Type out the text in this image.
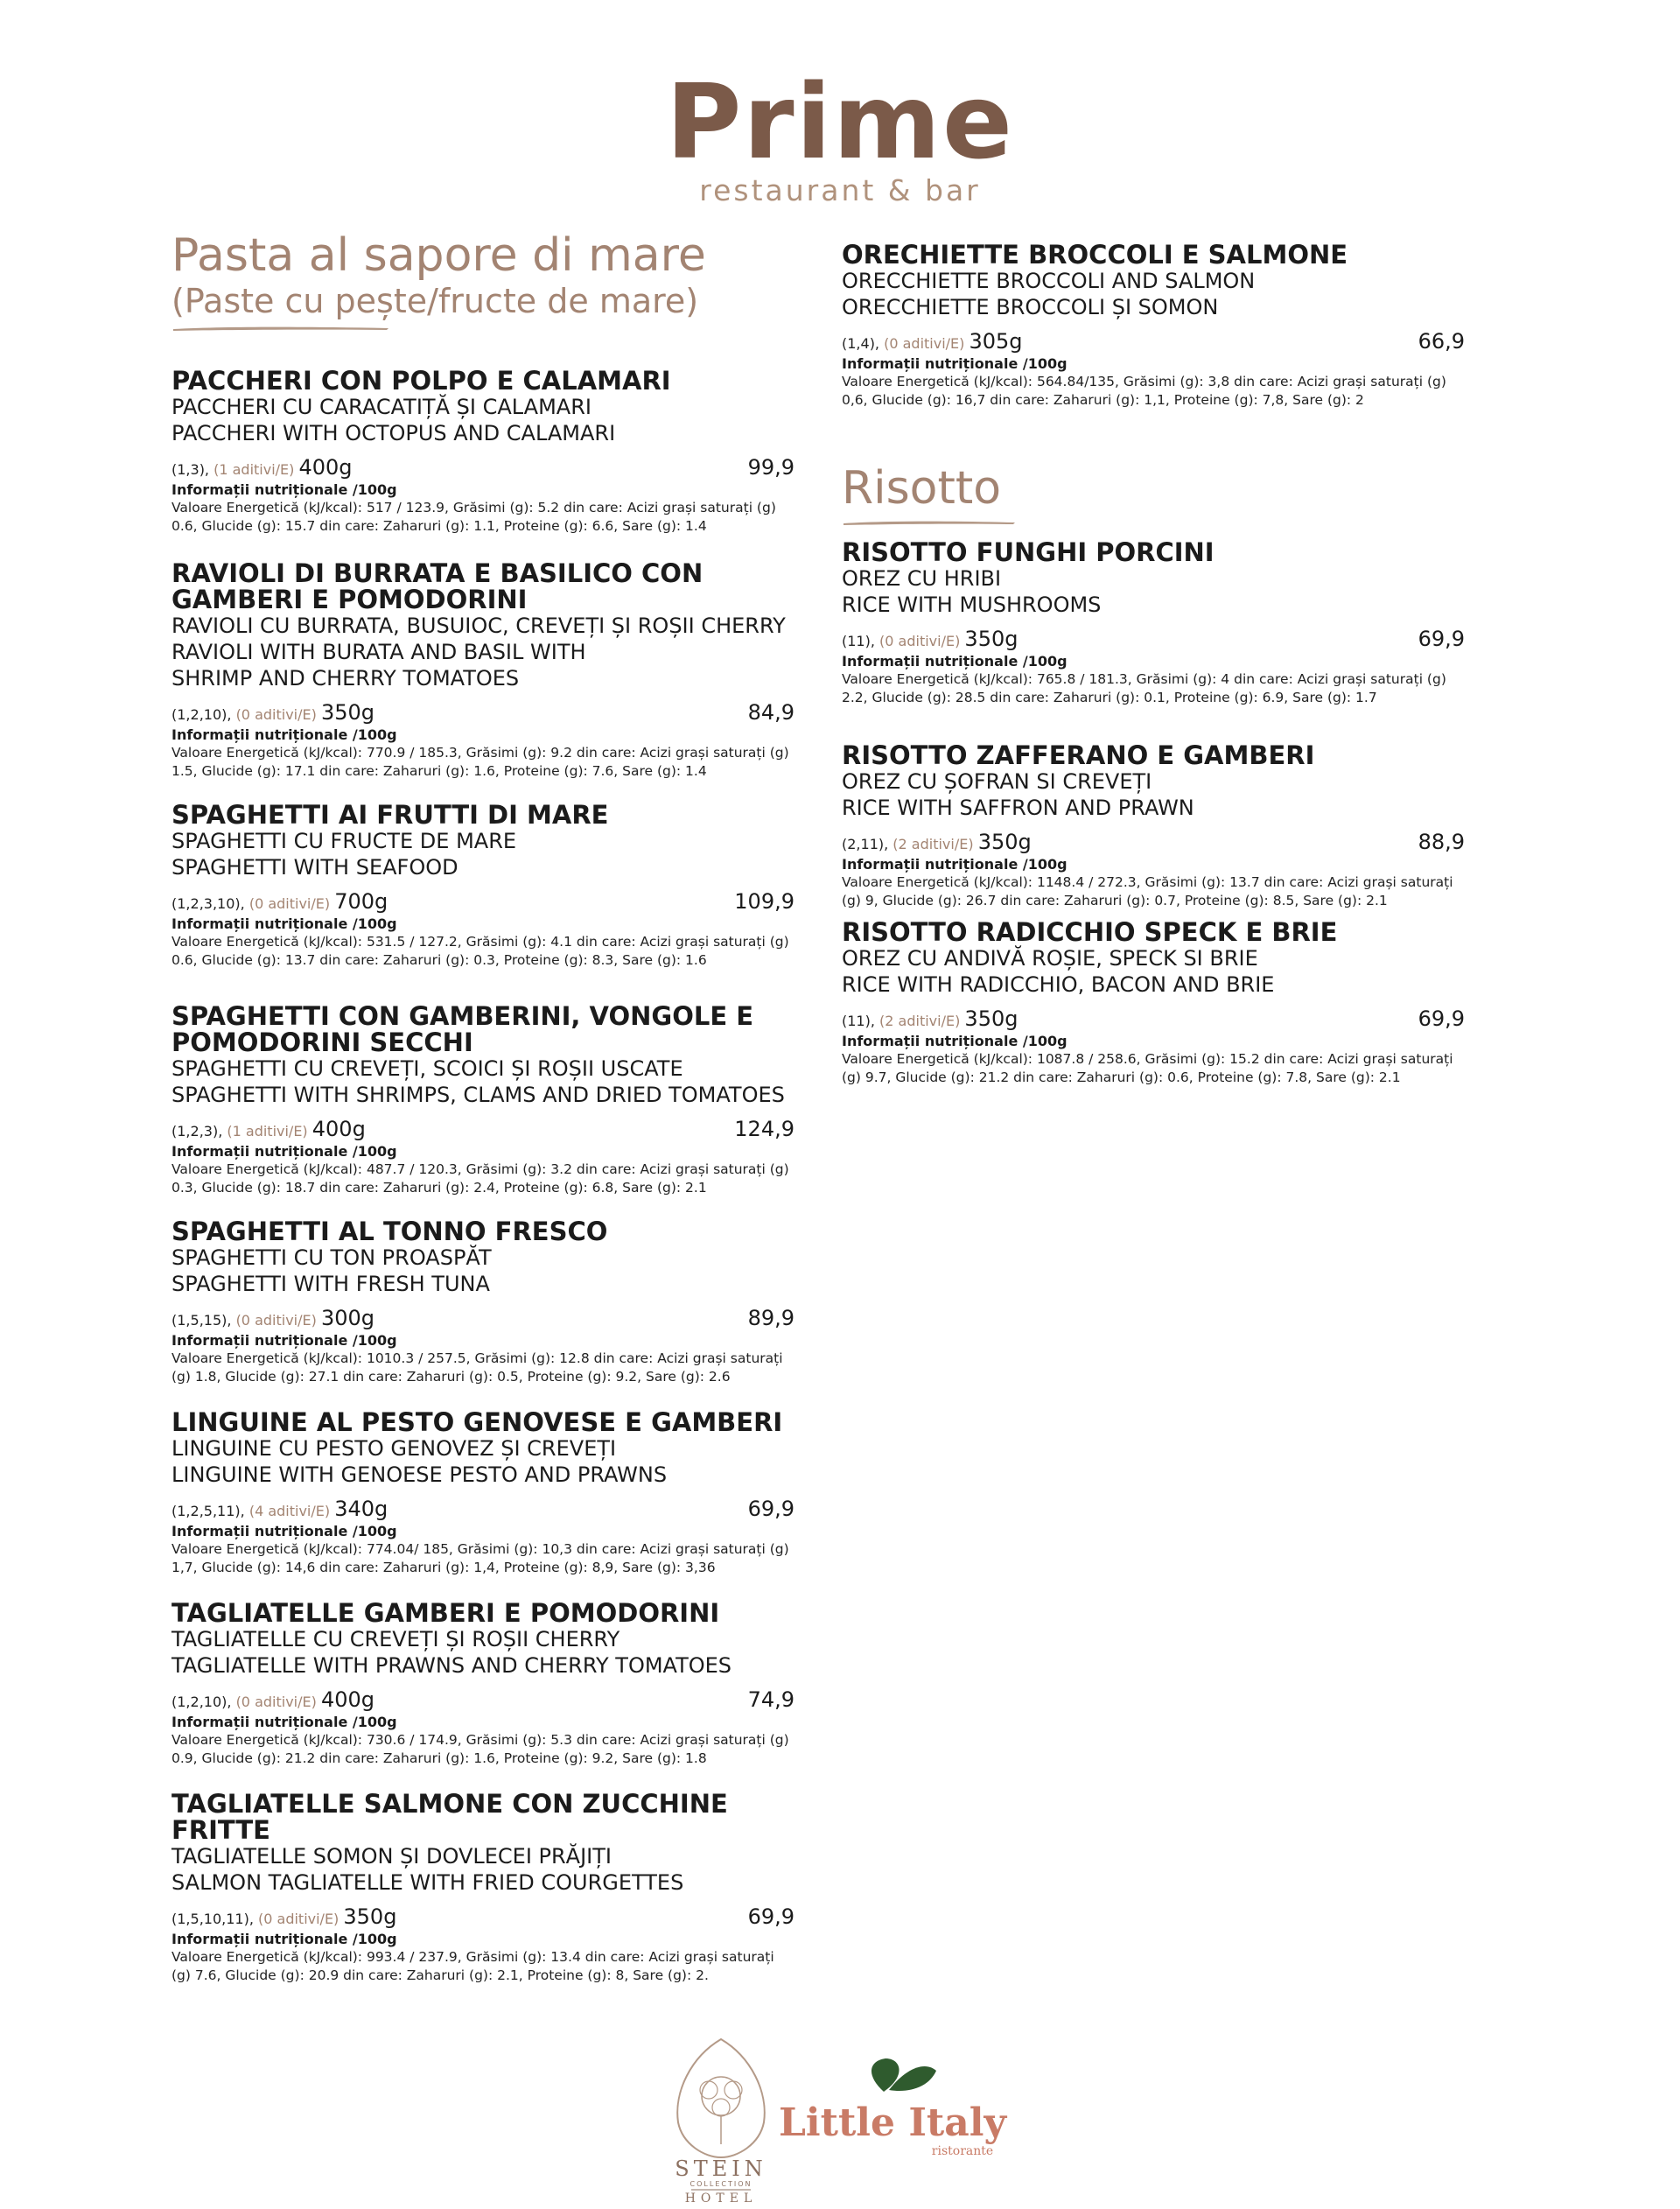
Prime
restaurant & bar
Pasta al sapore di mare
(Paste cu pește/fructe de mare)
PACCHERI CON POLPO E CALAMARI
PACCHERI CU CARACATIȚĂ ȘI CALAMARI
PACCHERI WITH OCTOPUS AND CALAMARI
(1,3), (1 aditivi/E) 400g	99,9
Informații nutriționale /100g
Valoare Energetică (kJ/kcal): 517 / 123.9, Grăsimi (g): 5.2 din care: Acizi grași saturați (g) 0.6, Glucide (g): 15.7 din care: Zaharuri (g): 1.1, Proteine (g): 6.6, Sare (g): 1.4
RAVIOLI DI BURRATA E BASILICO CON GAMBERI E POMODORINI
RAVIOLI CU BURRATA, BUSUIOC, CREVEȚI ȘI ROȘII CHERRY
RAVIOLI WITH BURATA AND BASIL WITH
SHRIMP AND CHERRY TOMATOES
(1,2,10), (0 aditivi/E) 350g	84,9
Informații nutriționale /100g
Valoare Energetică (kJ/kcal): 770.9 / 185.3, Grăsimi (g): 9.2 din care: Acizi grași saturați (g) 1.5, Glucide (g): 17.1 din care: Zaharuri (g): 1.6, Proteine (g): 7.6, Sare (g): 1.4
SPAGHETTI AI FRUTTI DI MARE
SPAGHETTI CU FRUCTE DE MARE
SPAGHETTI WITH SEAFOOD
(1,2,3,10), (0 aditivi/E) 700g	109,9
Informații nutriționale /100g
Valoare Energetică (kJ/kcal): 531.5 / 127.2, Grăsimi (g): 4.1 din care: Acizi grași saturați (g) 0.6, Glucide (g): 13.7 din care: Zaharuri (g): 0.3, Proteine (g): 8.3, Sare (g): 1.6
SPAGHETTI CON GAMBERINI, VONGOLE E POMODORINI SECCHI
SPAGHETTI CU CREVEȚI, SCOICI ȘI ROȘII USCATE
SPAGHETTI WITH SHRIMPS, CLAMS AND DRIED TOMATOES
(1,2,3), (1 aditivi/E) 400g	124,9
Informații nutriționale /100g
Valoare Energetică (kJ/kcal): 487.7 / 120.3, Grăsimi (g): 3.2 din care: Acizi grași saturați (g) 0.3, Glucide (g): 18.7 din care: Zaharuri (g): 2.4, Proteine (g): 6.8, Sare (g): 2.1
SPAGHETTI AL TONNO FRESCO
SPAGHETTI CU TON PROASPĂT
SPAGHETTI WITH FRESH TUNA
(1,5,15), (0 aditivi/E) 300g	89,9
Informații nutriționale /100g
Valoare Energetică (kJ/kcal): 1010.3 / 257.5, Grăsimi (g): 12.8 din care: Acizi grași saturați (g) 1.8, Glucide (g): 27.1 din care: Zaharuri (g): 0.5, Proteine (g): 9.2, Sare (g): 2.6
LINGUINE AL PESTO GENOVESE E GAMBERI
LINGUINE CU PESTO GENOVEZ ȘI CREVEȚI
LINGUINE WITH GENOESE PESTO AND PRAWNS
(1,2,5,11), (4 aditivi/E) 340g	69,9
Informații nutriționale /100g
Valoare Energetică (kJ/kcal): 774.04/ 185, Grăsimi (g): 10,3 din care: Acizi grași saturați (g) 1,7, Glucide (g): 14,6 din care: Zaharuri (g): 1,4, Proteine (g): 8,9, Sare (g): 3,36
TAGLIATELLE GAMBERI E POMODORINI
TAGLIATELLE CU CREVEȚI ȘI ROȘII CHERRY
TAGLIATELLE WITH PRAWNS AND CHERRY TOMATOES
(1,2,10), (0 aditivi/E) 400g	74,9
Informații nutriționale /100g
Valoare Energetică (kJ/kcal): 730.6 / 174.9, Grăsimi (g): 5.3 din care: Acizi grași saturați (g) 0.9, Glucide (g): 21.2 din care: Zaharuri (g): 1.6, Proteine (g): 9.2, Sare (g): 1.8
TAGLIATELLE SALMONE CON ZUCCHINE FRITTE
TAGLIATELLE SOMON ȘI DOVLECEI PRĂJIȚI
SALMON TAGLIATELLE WITH FRIED COURGETTES
(1,5,10,11), (0 aditivi/E) 350g	69,9
Informații nutriționale /100g
Valoare Energetică (kJ/kcal): 993.4 / 237.9, Grăsimi (g): 13.4 din care: Acizi grași saturați (g) 7.6, Glucide (g): 20.9 din care: Zaharuri (g): 2.1, Proteine (g): 8, Sare (g): 2.
ORECHIETTE BROCCOLI E SALMONE
ORECCHIETTE BROCCOLI AND SALMON
ORECCHIETTE BROCCOLI ȘI SOMON
(1,4), (0 aditivi/E) 305g	66,9
Informații nutriționale /100g
Valoare Energetică (kJ/kcal): 564.84/135, Grăsimi (g): 3,8 din care: Acizi grași saturați (g) 0,6, Glucide (g): 16,7 din care: Zaharuri (g): 1,1, Proteine (g): 7,8, Sare (g): 2
Risotto
RISOTTO FUNGHI PORCINI
OREZ CU HRIBI
RICE WITH MUSHROOMS
(11), (0 aditivi/E) 350g	69,9
Informații nutriționale /100g
Valoare Energetică (kJ/kcal): 765.8 / 181.3, Grăsimi (g): 4 din care: Acizi grași saturați (g) 2.2, Glucide (g): 28.5 din care: Zaharuri (g): 0.1, Proteine (g): 6.9, Sare (g): 1.7
RISOTTO ZAFFERANO E GAMBERI
OREZ CU ȘOFRAN SI CREVEȚI
RICE WITH SAFFRON AND PRAWN
(2,11), (2 aditivi/E) 350g	88,9
Informații nutriționale /100g
Valoare Energetică (kJ/kcal): 1148.4 / 272.3, Grăsimi (g): 13.7 din care: Acizi grași saturați (g) 9, Glucide (g): 26.7 din care: Zaharuri (g): 0.7, Proteine (g): 8.5, Sare (g): 2.1
RISOTTO RADICCHIO SPECK E BRIE
OREZ CU ANDIVĂ ROȘIE, SPECK SI BRIE
RICE WITH RADICCHIO, BACON AND BRIE
(11), (2 aditivi/E) 350g	69,9
Informații nutriționale /100g
Valoare Energetică (kJ/kcal): 1087.8 / 258.6, Grăsimi (g): 15.2 din care: Acizi grași saturați (g) 9.7, Glucide (g): 21.2 din care: Zaharuri (g): 0.6, Proteine (g): 7.8, Sare (g): 2.1
STEIN
COLLECTION
HOTEL
Little Italy
ristorante
